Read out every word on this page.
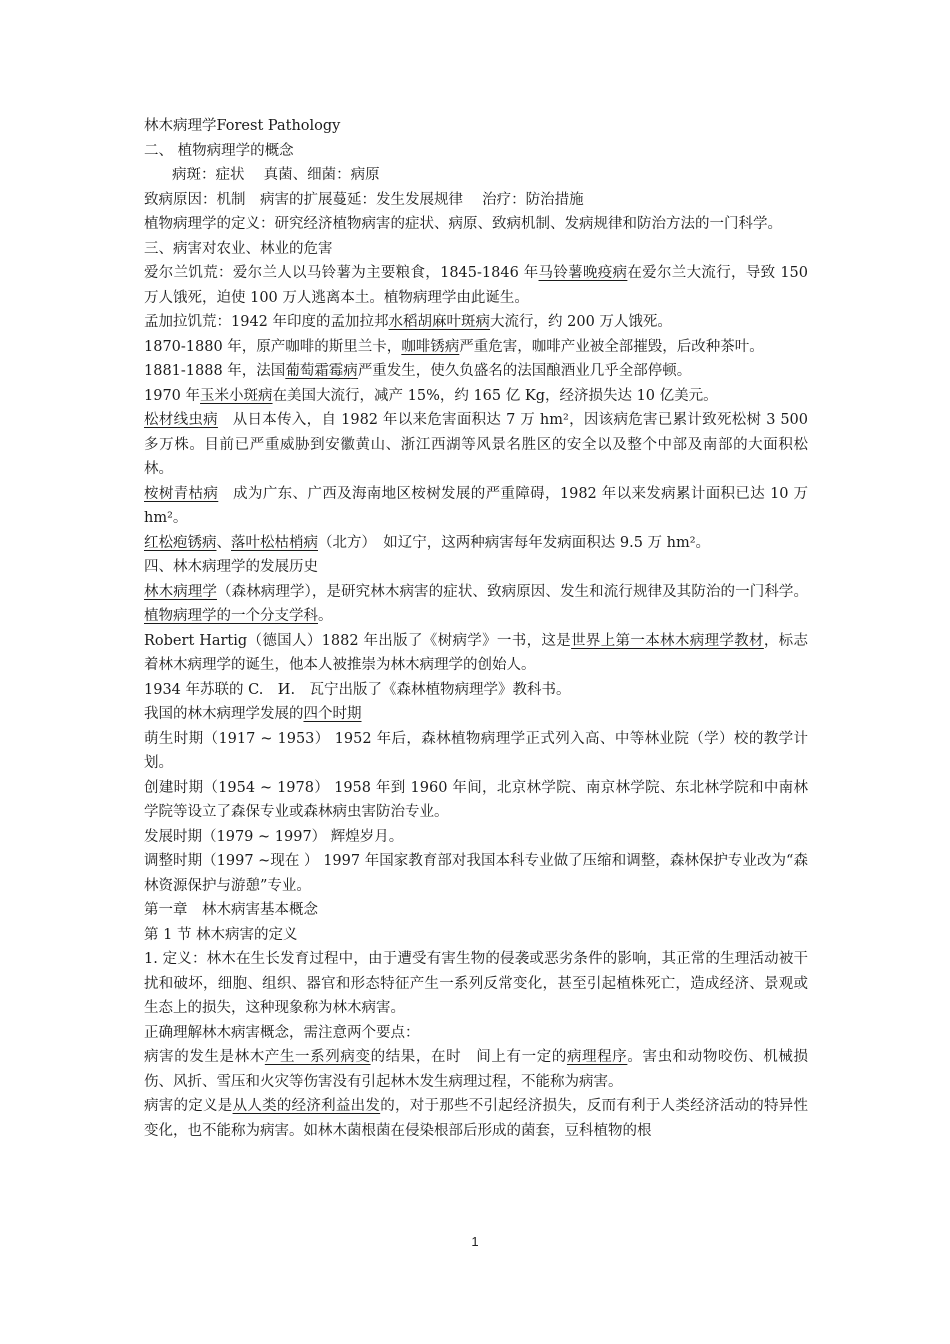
林木病理学Forest Pathology

二、 植物病理学的概念

病斑：症状　 真菌、细菌：病原

致病原因：机制　病害的扩展蔓延：发生发展规律　 治疗：防治措施

植物病理学的定义：研究经济植物病害的症状、病原、致病机制、发病规律和防治方法的一门科学。

三、病害对农业、林业的危害

爱尔兰饥荒：爱尔兰人以马铃薯为主要粮食，1845-1846 年马铃薯晚疫病在爱尔兰大流行，导致 150 万人饿死，迫使 100 万人逃离本土。植物病理学由此诞生。

孟加拉饥荒：1942 年印度的孟加拉邦水稻胡麻叶斑病大流行，约 200 万人饿死。

1870-1880 年，原产咖啡的斯里兰卡，咖啡锈病严重危害，咖啡产业被全部摧毁，后改种茶叶。

1881-1888 年，法国葡萄霜霉病严重发生，使久负盛名的法国酿酒业几乎全部停顿。

1970 年玉米小斑病在美国大流行，减产 15%，约 165 亿 Kg，经济损失达 10 亿美元。

松材线虫病　从日本传入，自 1982 年以来危害面积达 7 万 hm²，因该病危害已累计致死松树 3 500 多万株。目前已严重威胁到安徽黄山、浙江西湖等风景名胜区的安全以及整个中部及南部的大面积松林。

桉树青枯病　成为广东、广西及海南地区桉树发展的严重障碍，1982 年以来发病累计面积已达 10 万 hm²。

红松疱锈病、落叶松枯梢病（北方）　如辽宁，这两种病害每年发病面积达 9.5 万 hm²。

四、林木病理学的发展历史

林木病理学（森林病理学），是研究林木病害的症状、致病原因、发生和流行规律及其防治的一门科学。植物病理学的一个分支学科。

Robert Hartig（德国人）1882 年出版了《树病学》一书，这是世界上第一本林木病理学教材，标志着林木病理学的诞生，他本人被推崇为林木病理学的创始人。

1934 年苏联的 C.　И.　瓦宁出版了《森林植物病理学》教科书。

我国的林木病理学发展的四个时期

萌生时期（1917 ~ 1953） 1952 年后，森林植物病理学正式列入高、中等林业院（学）校的教学计划。

创建时期（1954 ~ 1978） 1958 年到 1960 年间，北京林学院、南京林学院、东北林学院和中南林学院等设立了森保专业或森林病虫害防治专业。

发展时期（1979 ~ 1997） 辉煌岁月。

调整时期（1997 ~现在 ） 1997 年国家教育部对我国本科专业做了压缩和调整，森林保护专业改为“森林资源保护与游憩”专业。

第一章　林木病害基本概念

第 1 节 林木病害的定义

1. 定义：林木在生长发育过程中，由于遭受有害生物的侵袭或恶劣条件的影响，其正常的生理活动被干扰和破坏，细胞、组织、器官和形态特征产生一系列反常变化，甚至引起植株死亡，造成经济、景观或生态上的损失，这种现象称为林木病害。

正确理解林木病害概念，需注意两个要点：

病害的发生是林木产生一系列病变的结果，在时　间上有一定的病理程序。害虫和动物咬伤、机械损伤、风折、雪压和火灾等伤害没有引起林木发生病理过程，不能称为病害。

病害的定义是从人类的经济利益出发的，对于那些不引起经济损失，反而有利于人类经济活动的特异性变化，也不能称为病害。如林木菌根菌在侵染根部后形成的菌套，豆科植物的根

1
